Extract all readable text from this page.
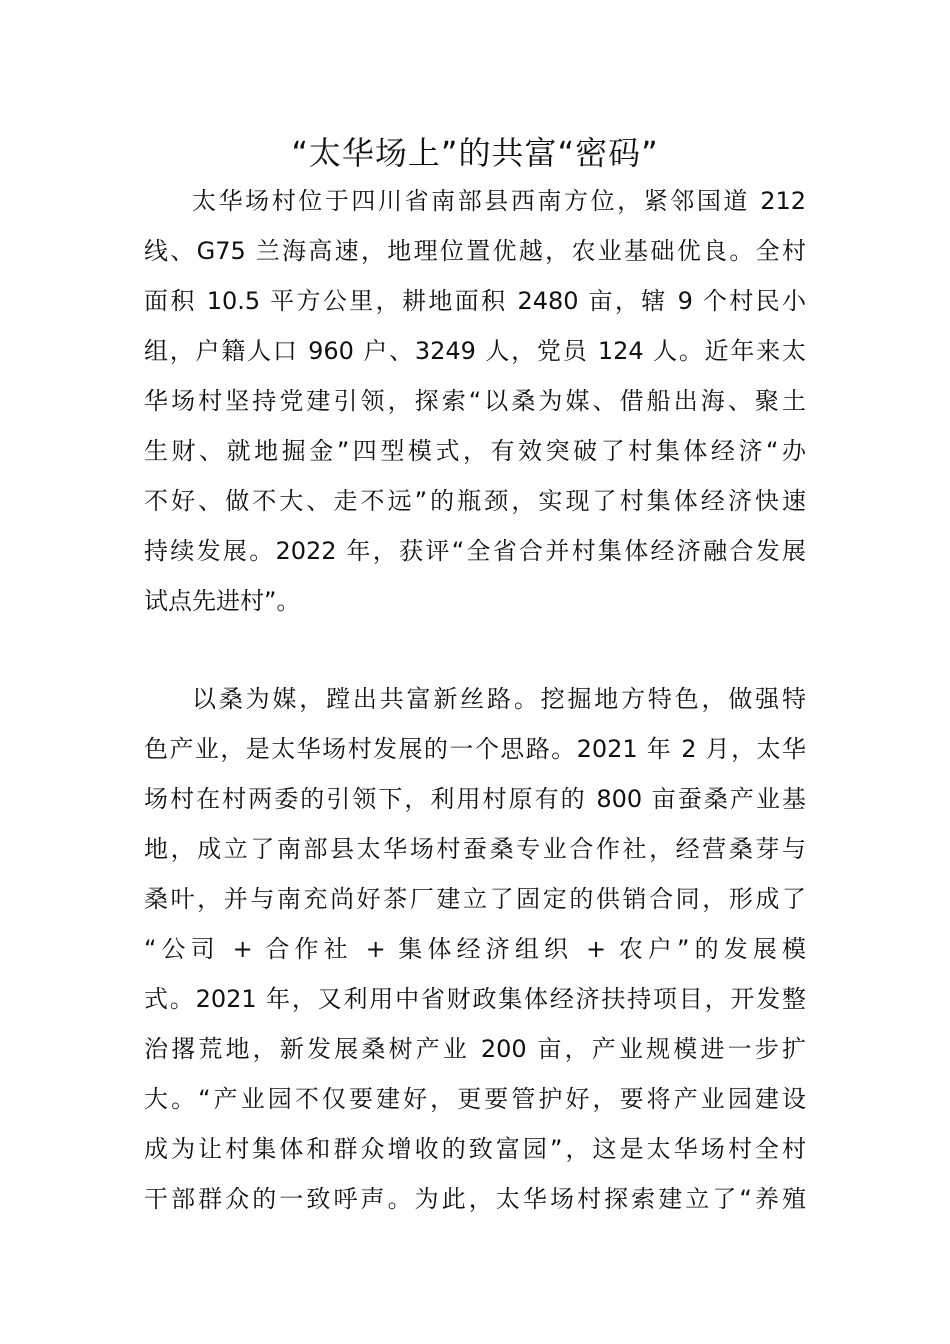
“太华场上”的共富“密码”
太华场村位于四川省南部县西南方位，紧邻国道 212
线、G75 兰海高速，地理位置优越，农业基础优良。全村
面积 10.5 平方公里，耕地面积 2480 亩，辖 9 个村民小
组，户籍人口 960 户、3249 人，党员 124 人。近年来太
华场村坚持党建引领，探索“以桑为媒、借船出海、聚土
生财、就地掘金”四型模式，有效突破了村集体经济“办
不好、做不大、走不远”的瓶颈，实现了村集体经济快速
持续发展。2022 年，获评“全省合并村集体经济融合发展
试点先进村”。
以桑为媒，蹚出共富新丝路。挖掘地方特色，做强特
色产业，是太华场村发展的一个思路。2021 年 2 月，太华
场村在村两委的引领下，利用村原有的 800 亩蚕桑产业基
地，成立了南部县太华场村蚕桑专业合作社，经营桑芽与
桑叶，并与南充尚好茶厂建立了固定的供销合同，形成了
“公司 + 合作社 + 集体经济组织 + 农户”的发展模
式。2021 年，又利用中省财政集体经济扶持项目，开发整
治撂荒地，新发展桑树产业 200 亩，产业规模进一步扩
大。“产业园不仅要建好，更要管护好，要将产业园建设
成为让村集体和群众增收的致富园”，这是太华场村全村
干部群众的一致呼声。为此，太华场村探索建立了“养殖
